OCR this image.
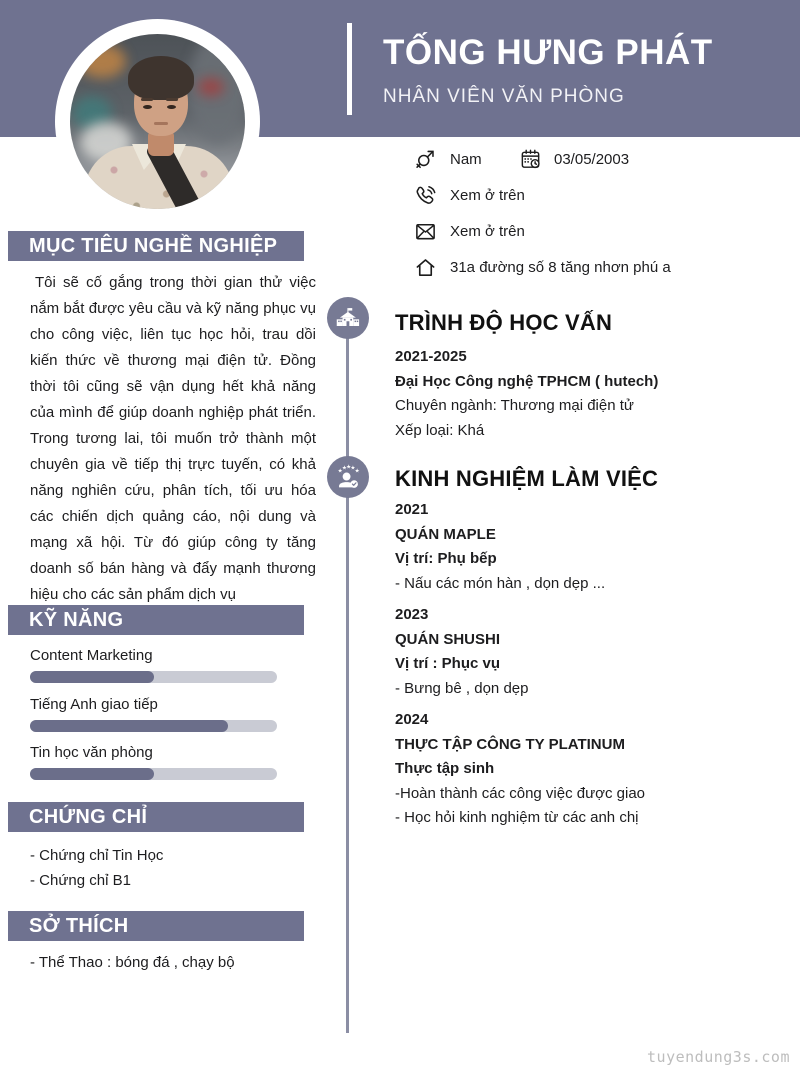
TỐNG HƯNG PHÁT
NHÂN VIÊN VĂN PHÒNG
Nam	03/05/2003
Xem ở trên
Xem ở trên
31a đường số 8 tăng nhơn phú a
MỤC TIÊU NGHỀ NGHIỆP
Tôi sẽ cố gắng trong thời gian thử việc nắm bắt được yêu cầu và kỹ năng phục vụ cho công việc, liên tục học hỏi, trau dồi kiến thức về thương mại điện tử. Đồng thời tôi cũng sẽ vận dụng hết khả năng của mình để giúp doanh nghiệp phát triển. Trong tương lai, tôi muốn trở thành một chuyên gia về tiếp thị trực tuyến, có khả năng nghiên cứu, phân tích, tối ưu hóa các chiến dịch quảng cáo, nội dung và mạng xã hội. Từ đó giúp công ty tăng doanh số bán hàng và đẩy mạnh thương hiệu cho các sản phẩm dịch vụ
KỸ NĂNG
Content Marketing
Tiếng Anh giao tiếp
Tin học văn phòng
CHỨNG CHỈ
- Chứng chỉ Tin Học
- Chứng chỉ B1
SỞ THÍCH
- Thể Thao : bóng đá , chạy bộ
TRÌNH ĐỘ HỌC VẤN
2021-2025
Đại Học Công nghệ TPHCM ( hutech)
Chuyên ngành: Thương mại điện tử
Xếp loại: Khá
★ ★ ★ ★ ★ KINH NGHIỆM LÀM VIỆC
2021
QUÁN MAPLE
Vị trí: Phụ bếp
- Nấu các món hàn , dọn dẹp ...
2023
QUÁN SHUSHI
Vị trí : Phục vụ
- Bưng bê , dọn dẹp
2024
THỰC TẬP CÔNG TY PLATINUM
Thực tập sinh
-Hoàn thành các công việc được giao
- Học hỏi kinh nghiệm từ các anh chị
tuyendung3s.com
